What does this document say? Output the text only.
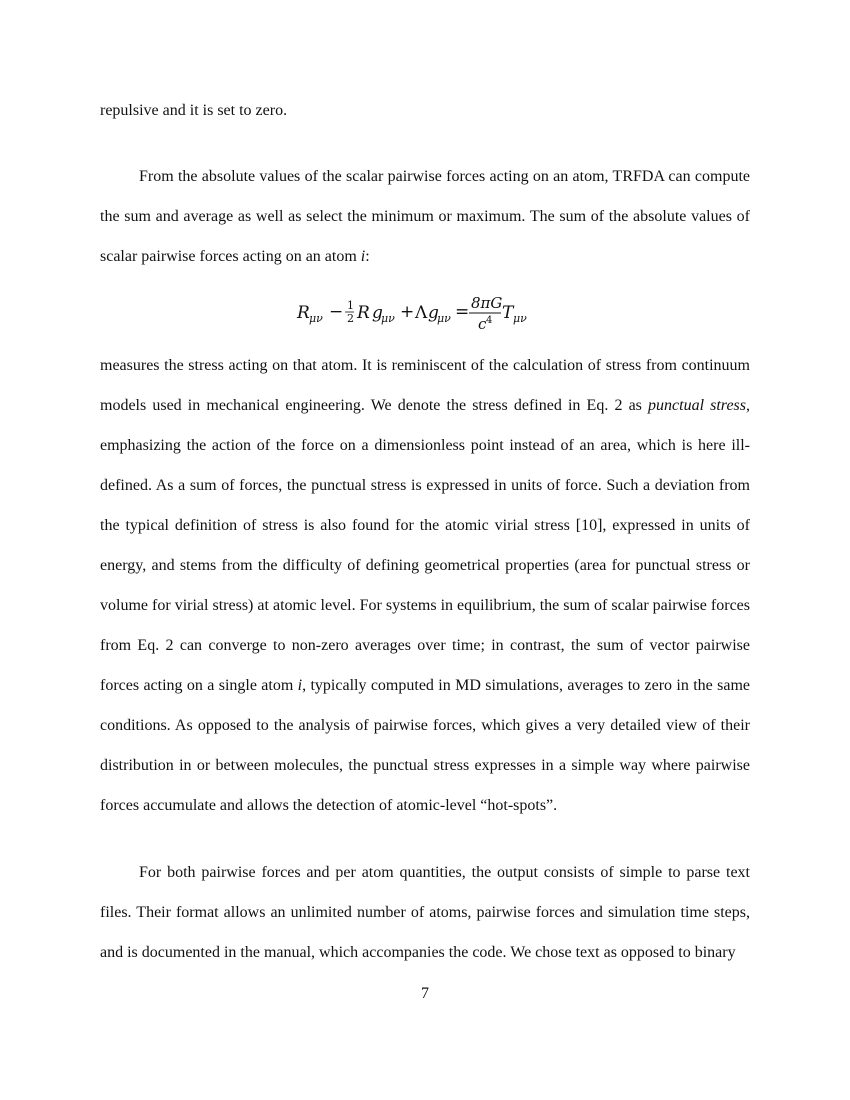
repulsive and it is set to zero.
From the absolute values of the scalar pairwise forces acting on an atom, TRFDA can compute the sum and average as well as select the minimum or maximum. The sum of the absolute values of scalar pairwise forces acting on an atom i:
R μν − 1
2 R g
μν + Λ g
μν = 8πG
c 4 T μν
measures the stress acting on that atom. It is reminiscent of the calculation of stress from continuum models used in mechanical engineering. We denote the stress defined in Eq. 2 as punctual stress, emphasizing the action of the force on a dimensionless point instead of an area, which is here ill-defined. As a sum of forces, the punctual stress is expressed in units of force. Such a deviation from the typical definition of stress is also found for the atomic virial stress [10], expressed in units of energy, and stems from the difficulty of defining geometrical properties (area for punctual stress or volume for virial stress) at atomic level. For systems in equilibrium, the sum of scalar pairwise forces from Eq. 2 can converge to non-zero averages over time; in contrast, the sum of vector pairwise forces acting on a single atom i, typically computed in MD simulations, averages to zero in the same conditions. As opposed to the analysis of pairwise forces, which gives a very detailed view of their distribution in or between molecules, the punctual stress expresses in a simple way where pairwise forces accumulate and allows the detection of atomic-level “hot-spots”.
For both pairwise forces and per atom quantities, the output consists of simple to parse text files. Their format allows an unlimited number of atoms, pairwise forces and simulation time steps, and is documented in the manual, which accompanies the code. We chose text as opposed to binary
7
